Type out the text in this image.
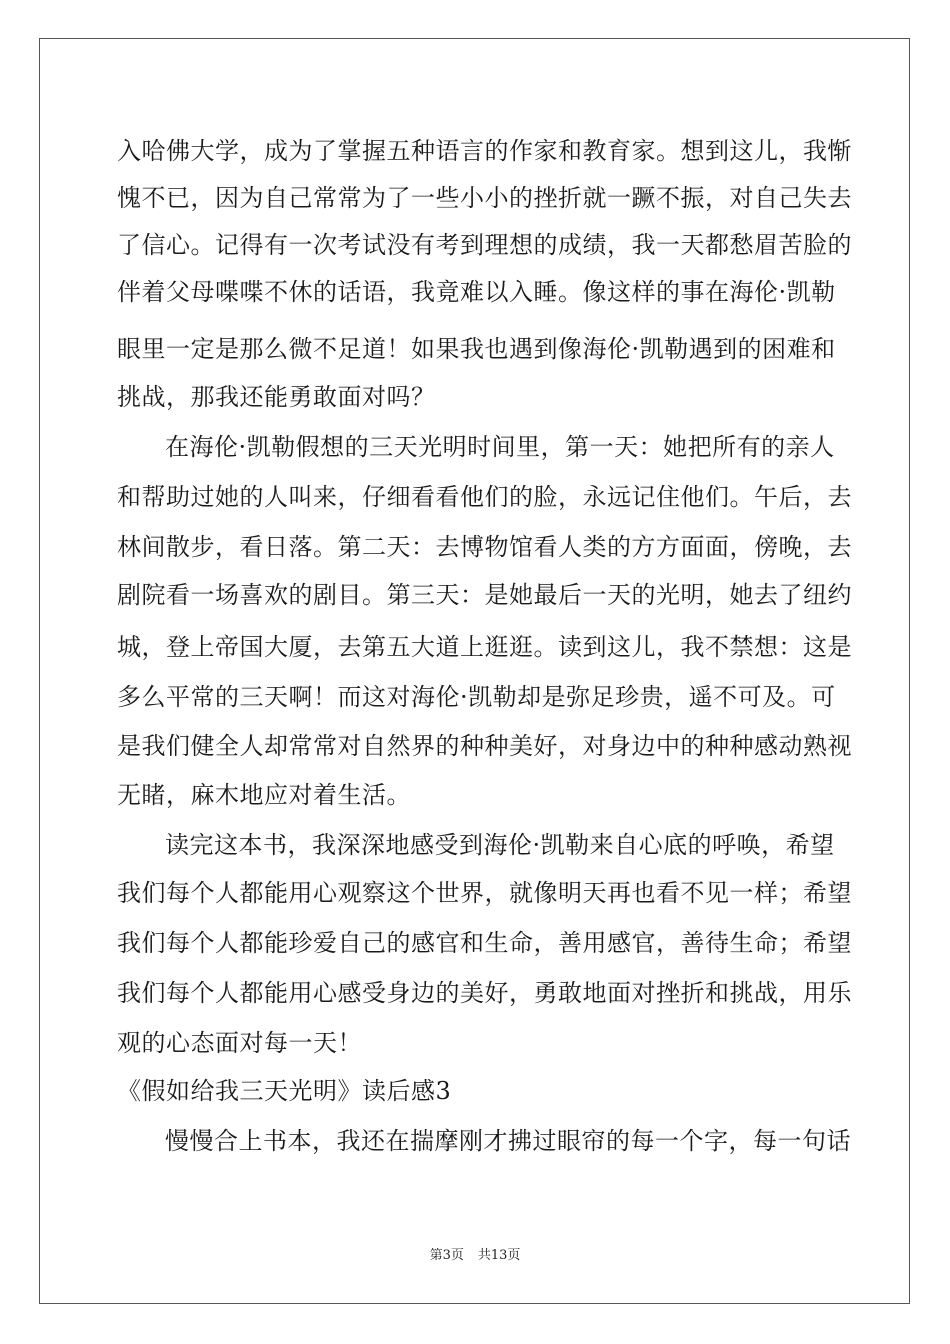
入哈佛大学，成为了掌握五种语言的作家和教育家。想到这儿，我惭
愧不已，因为自己常常为了一些小小的挫折就一蹶不振，对自己失去
了信心。记得有一次考试没有考到理想的成绩，我一天都愁眉苦脸的
伴着父母喋喋不休的话语，我竟难以入睡。像这样的事在海伦·凯勒
眼里一定是那么微不足道！如果我也遇到像海伦·凯勒遇到的困难和
挑战，那我还能勇敢面对吗？
在海伦·凯勒假想的三天光明时间里，第一天：她把所有的亲人
和帮助过她的人叫来，仔细看看他们的脸，永远记住他们。午后，去
林间散步，看日落。第二天：去博物馆看人类的方方面面，傍晚，去
剧院看一场喜欢的剧目。第三天：是她最后一天的光明，她去了纽约
城，登上帝国大厦，去第五大道上逛逛。读到这儿，我不禁想：这是
多么平常的三天啊！而这对海伦·凯勒却是弥足珍贵，遥不可及。可
是我们健全人却常常对自然界的种种美好，对身边中的种种感动熟视
无睹，麻木地应对着生活。
读完这本书，我深深地感受到海伦·凯勒来自心底的呼唤，希望
我们每个人都能用心观察这个世界，就像明天再也看不见一样；希望
我们每个人都能珍爱自己的感官和生命，善用感官，善待生命；希望
我们每个人都能用心感受身边的美好，勇敢地面对挫折和挑战，用乐
观的心态面对每一天！
《假如给我三天光明》读后感3
慢慢合上书本，我还在揣摩刚才拂过眼帘的每一个字，每一句话
第3页 共13页
